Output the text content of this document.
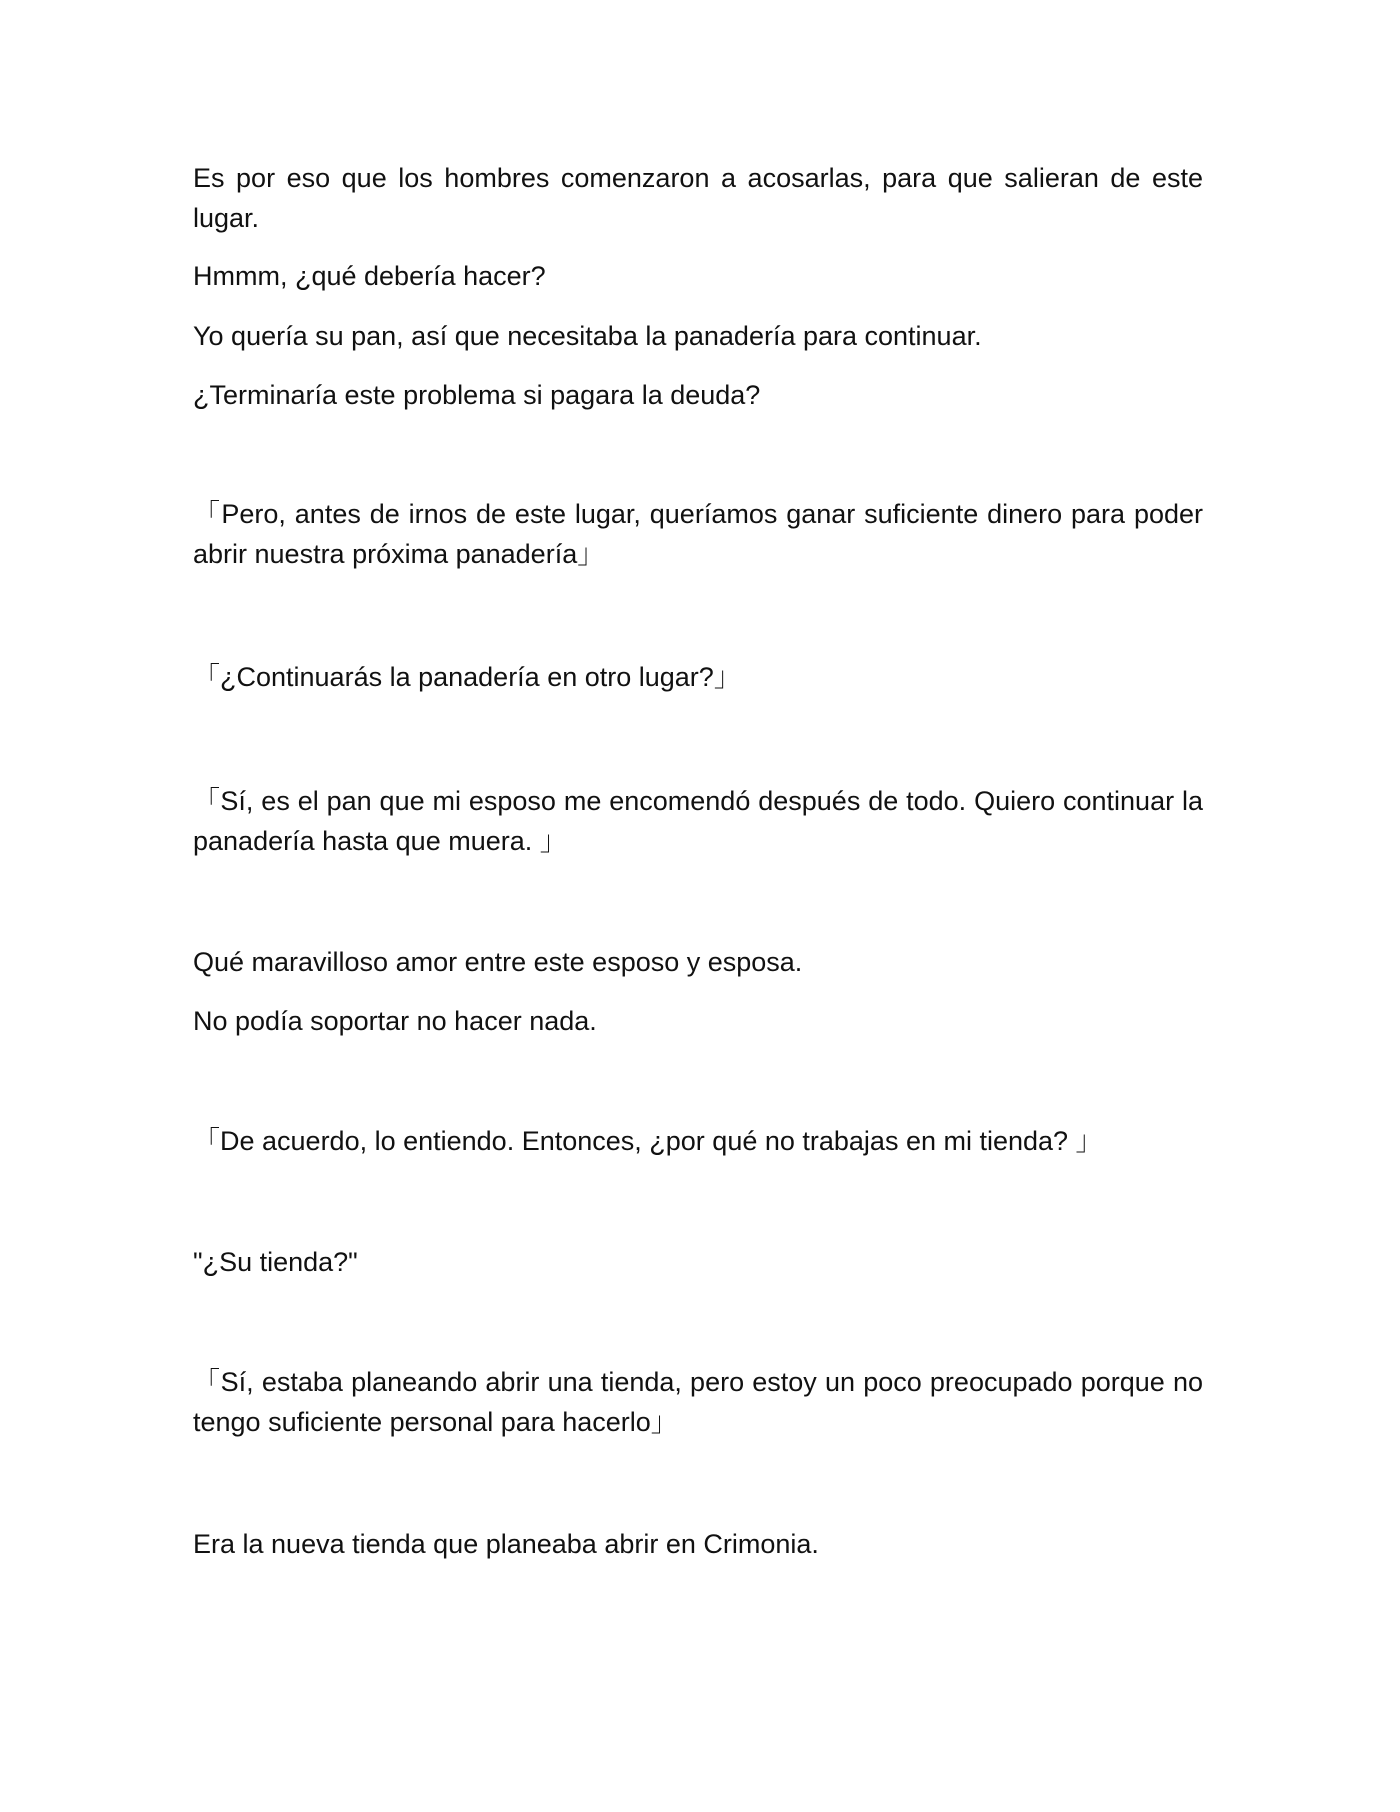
Es por eso que los hombres comenzaron a acosarlas, para que salieran de este lugar.

Hmmm, ¿qué debería hacer?

Yo quería su pan, así que necesitaba la panadería para continuar.

¿Terminaría este problema si pagara la deuda?

「Pero, antes de irnos de este lugar, queríamos ganar suficiente dinero para poder abrir nuestra próxima panadería」

「¿Continuarás la panadería en otro lugar?」

「Sí, es el pan que mi esposo me encomendó después de todo. Quiero continuar la panadería hasta que muera. 」

Qué maravilloso amor entre este esposo y esposa.

No podía soportar no hacer nada.

「De acuerdo, lo entiendo. Entonces, ¿por qué no trabajas en mi tienda? 」

"¿Su tienda?"

「Sí, estaba planeando abrir una tienda, pero estoy un poco preocupado porque no tengo suficiente personal para hacerlo」

Era la nueva tienda que planeaba abrir en Crimonia.
